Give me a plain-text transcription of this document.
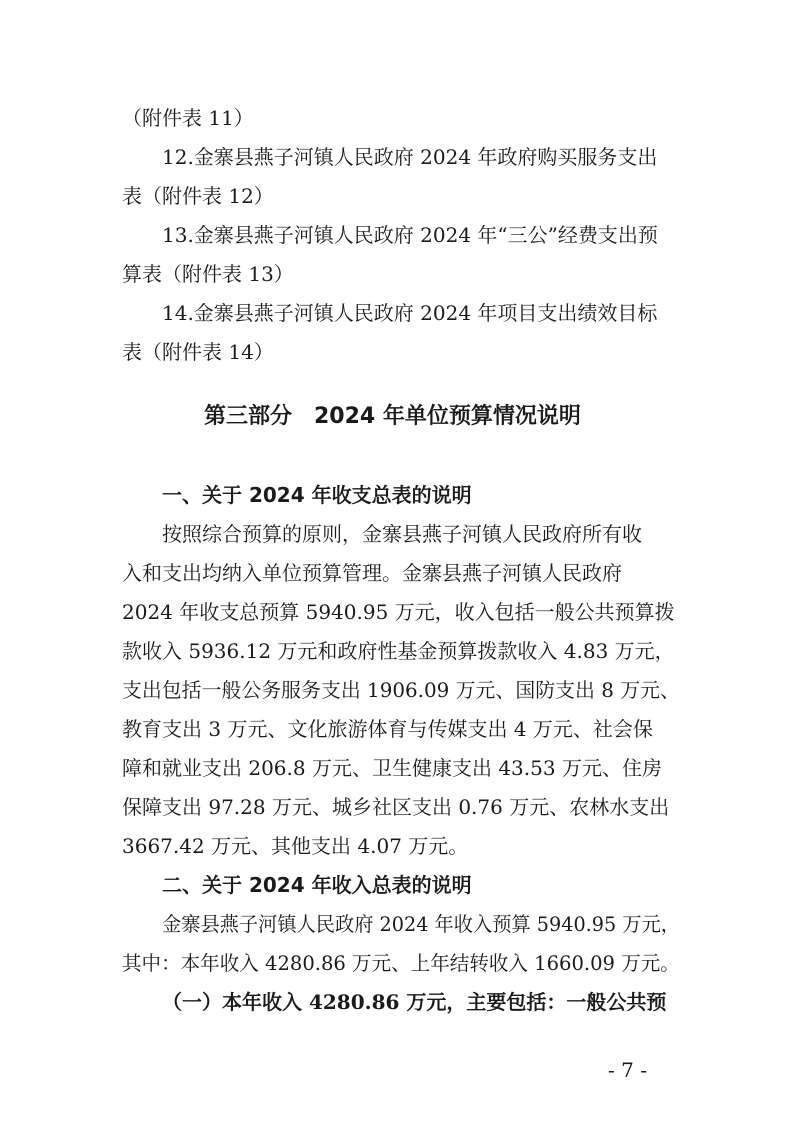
（附件表 11）
12.金寨县燕子河镇人民政府 2024 年政府购买服务支出
表（附件表 12）
13.金寨县燕子河镇人民政府 2024 年“三公”经费支出预
算表（附件表 13）
14.金寨县燕子河镇人民政府 2024 年项目支出绩效目标
表（附件表 14）
第三部分　2024 年单位预算情况说明
一、关于 2024 年收支总表的说明
按照综合预算的原则，金寨县燕子河镇人民政府所有收
入和支出均纳入单位预算管理。金寨县燕子河镇人民政府
2024 年收支总预算 5940.95 万元，收入包括一般公共预算拨
款收入 5936.12 万元和政府性基金预算拨款收入 4.83 万元，
支出包括一般公务服务支出 1906.09 万元、国防支出 8 万元、
教育支出 3 万元、文化旅游体育与传媒支出 4 万元、社会保
障和就业支出 206.8 万元、卫生健康支出 43.53 万元、住房
保障支出 97.28 万元、城乡社区支出 0.76 万元、农林水支出
3667.42 万元、其他支出 4.07 万元。
二、关于 2024 年收入总表的说明
金寨县燕子河镇人民政府 2024 年收入预算 5940.95 万元，
其中：本年收入 4280.86 万元、上年结转收入 1660.09 万元。
（一）本年收入 4280.86 万元，主要包括：一般公共预
- 7 -
